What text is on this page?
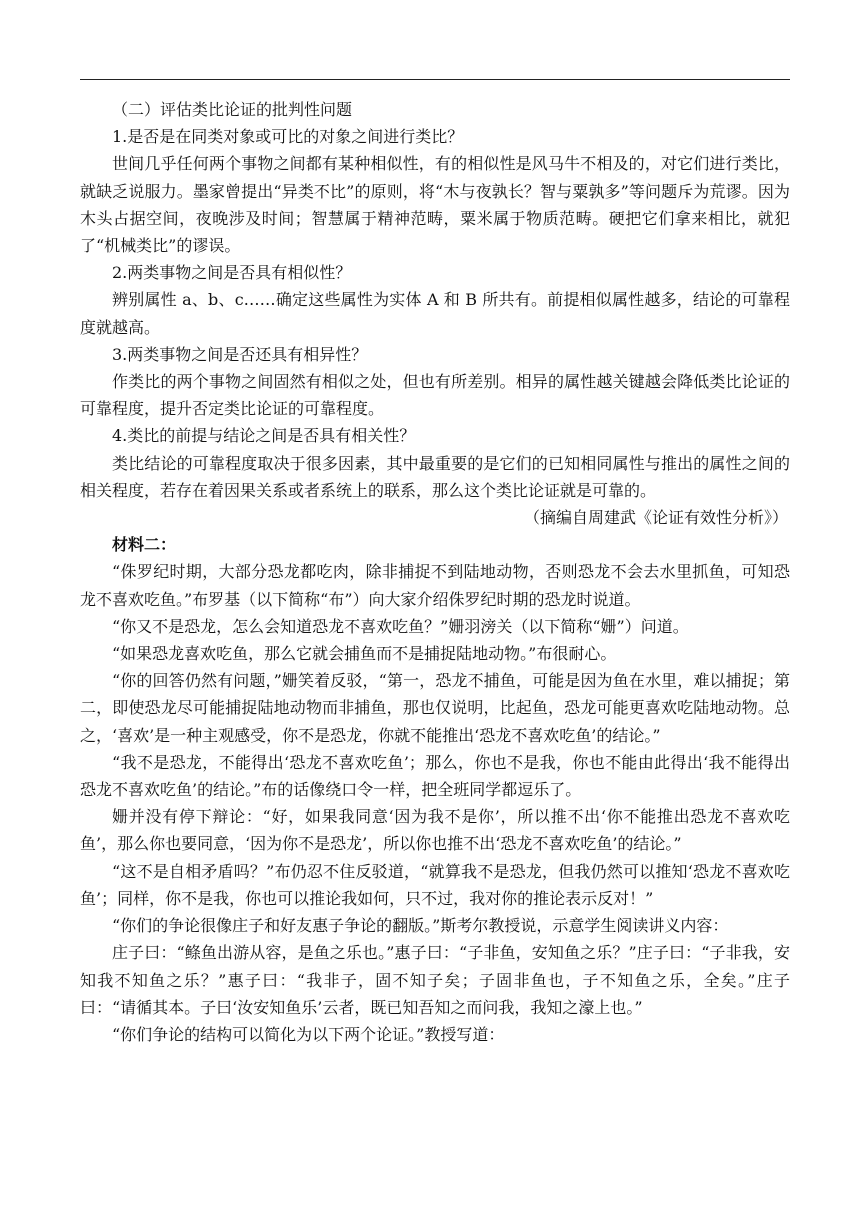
（二）评估类比论证的批判性问题

1.是否是在同类对象或可比的对象之间进行类比？

世间几乎任何两个事物之间都有某种相似性，有的相似性是风马牛不相及的，对它们进行类比，就缺乏说服力。墨家曾提出“异类不比”的原则，将“木与夜孰长？智与粟孰多”等问题斥为荒谬。因为木头占据空间，夜晚涉及时间；智慧属于精神范畴，粟米属于物质范畴。硬把它们拿来相比，就犯了“机械类比”的谬误。

2.两类事物之间是否具有相似性？

辨别属性 a、b、c……确定这些属性为实体 A 和 B 所共有。前提相似属性越多，结论的可靠程度就越高。

3.两类事物之间是否还具有相异性？

作类比的两个事物之间固然有相似之处，但也有所差别。相异的属性越关键越会降低类比论证的可靠程度，提升否定类比论证的可靠程度。

4.类比的前提与结论之间是否具有相关性？

类比结论的可靠程度取决于很多因素，其中最重要的是它们的已知相同属性与推出的属性之间的相关程度，若存在着因果关系或者系统上的联系，那么这个类比论证就是可靠的。

（摘编自周建武《论证有效性分析》）

材料二：

“侏罗纪时期，大部分恐龙都吃肉，除非捕捉不到陆地动物，否则恐龙不会去水里抓鱼，可知恐龙不喜欢吃鱼。”布罗基（以下简称“布”）向大家介绍侏罗纪时期的恐龙时说道。

“你又不是恐龙，怎么会知道恐龙不喜欢吃鱼？”姗羽滂关（以下简称“姗”）问道。

“如果恐龙喜欢吃鱼，那么它就会捕鱼而不是捕捉陆地动物。”布很耐心。

“你的回答仍然有问题，”姗笑着反驳，“第一，恐龙不捕鱼，可能是因为鱼在水里，难以捕捉；第二，即使恐龙尽可能捕捉陆地动物而非捕鱼，那也仅说明，比起鱼，恐龙可能更喜欢吃陆地动物。总之，‘喜欢’是一种主观感受，你不是恐龙，你就不能推出‘恐龙不喜欢吃鱼’的结论。”

“我不是恐龙，不能得出‘恐龙不喜欢吃鱼’；那么，你也不是我，你也不能由此得出‘我不能得出恐龙不喜欢吃鱼’的结论。”布的话像绕口令一样，把全班同学都逗乐了。

姗并没有停下辩论：“好，如果我同意‘因为我不是你’，所以推不出‘你不能推出恐龙不喜欢吃鱼’，那么你也要同意，‘因为你不是恐龙’，所以你也推不出‘恐龙不喜欢吃鱼’的结论。”

“这不是自相矛盾吗？”布仍忍不住反驳道，“就算我不是恐龙，但我仍然可以推知‘恐龙不喜欢吃鱼’；同样，你不是我，你也可以推论我如何，只不过，我对你的推论表示反对！”

“你们的争论很像庄子和好友惠子争论的翻版。”斯考尔教授说，示意学生阅读讲义内容：

庄子曰：“鲦鱼出游从容，是鱼之乐也。”惠子曰：“子非鱼，安知鱼之乐？”庄子曰：“子非我，安知我不知鱼之乐？”惠子曰：“我非子，固不知子矣；子固非鱼也，子不知鱼之乐，全矣。”庄子曰：“请循其本。子曰‘汝安知鱼乐’云者，既已知吾知之而问我，我知之濠上也。”

“你们争论的结构可以简化为以下两个论证。”教授写道：
